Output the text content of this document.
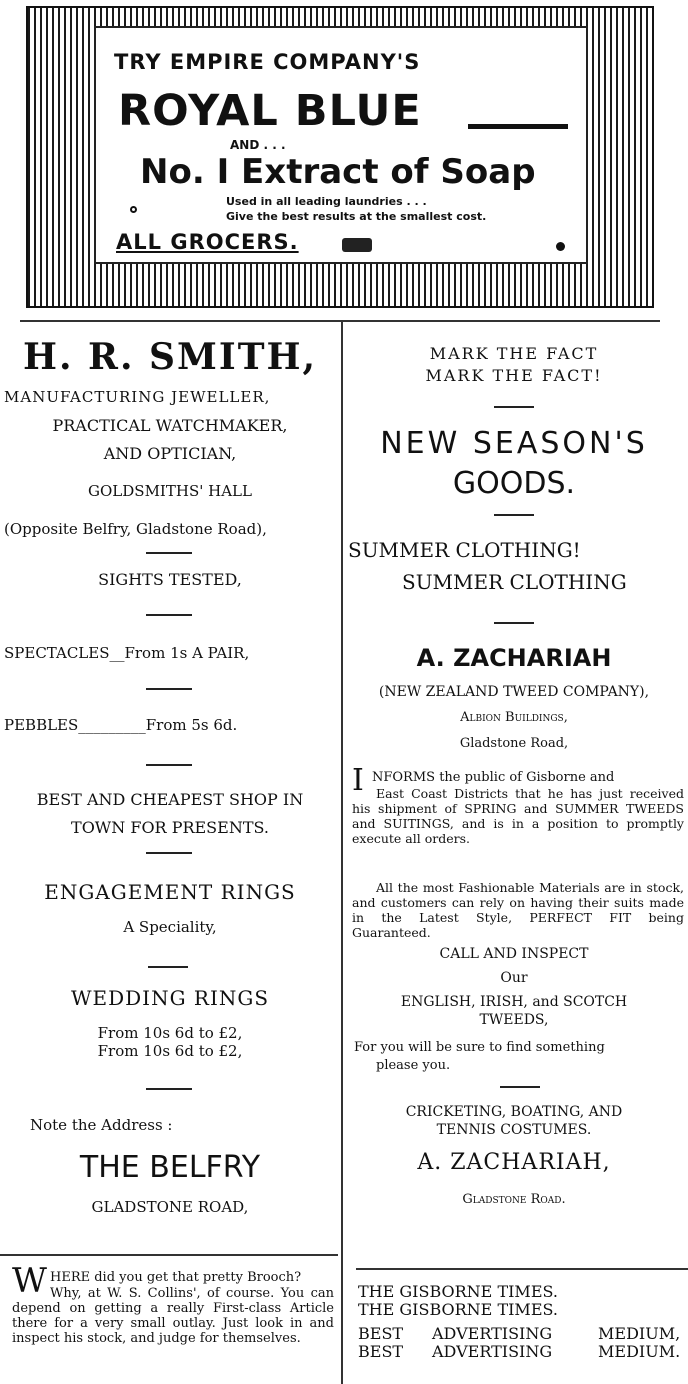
TRY EMPIRE COMPANY'S
ROYAL BLUE
AND . . .
No. I Extract of Soap
Used in all leading laundries . . .
Give the best results at the smallest cost.
ALL GROCERS.
H. R. SMITH,
MANUFACTURING JEWELLER,
PRACTICAL WATCHMAKER,
AND OPTICIAN,
GOLDSMITHS' HALL
(Opposite Belfry, Gladstone Road),
SIGHTS TESTED,
SPECTACLES__From 1s A PAIR,
PEBBLES_________From 5s 6d.
BEST AND CHEAPEST SHOP IN
TOWN FOR PRESENTS.
ENGAGEMENT RINGS
A Speciality,
WEDDING RINGS
From 10s 6d to £2,
From 10s 6d to £2,
Note the Address :
THE BELFRY
GLADSTONE ROAD,
W HERE did you get that pretty Brooch?
Why, at W. S. Collins', of course. You can depend on getting a really First-class Article there for a very small outlay. Just look in and inspect his stock, and judge for themselves.
MARK THE FACT
MARK THE FACT!
NEW SEASON'S
GOODS.
SUMMER CLOTHING!
SUMMER CLOTHING
A. ZACHARIAH
(NEW ZEALAND TWEED COMPANY),
Albion Buildings,
Gladstone Road,
I NFORMS the public of Gisborne and
East Coast Districts that he has just received his shipment of SPRING and SUMMER TWEEDS and SUITINGS, and is in a position to promptly execute all orders.
All the most Fashionable Materials are in stock, and customers can rely on having their suits made in the Latest Style, PERFECT FIT being Guaranteed.
CALL AND INSPECT
Our
ENGLISH, IRISH, and SCOTCH
TWEEDS,
For you will be sure to find something
please you.
CRICKETING, BOATING, AND
TENNIS COSTUMES.
A. ZACHARIAH,
Gladstone Road.
THE GISBORNE TIMES.
THE GISBORNE TIMES.
BEST ADVERTISING	MEDIUM,
BEST ADVERTISING	MEDIUM.
